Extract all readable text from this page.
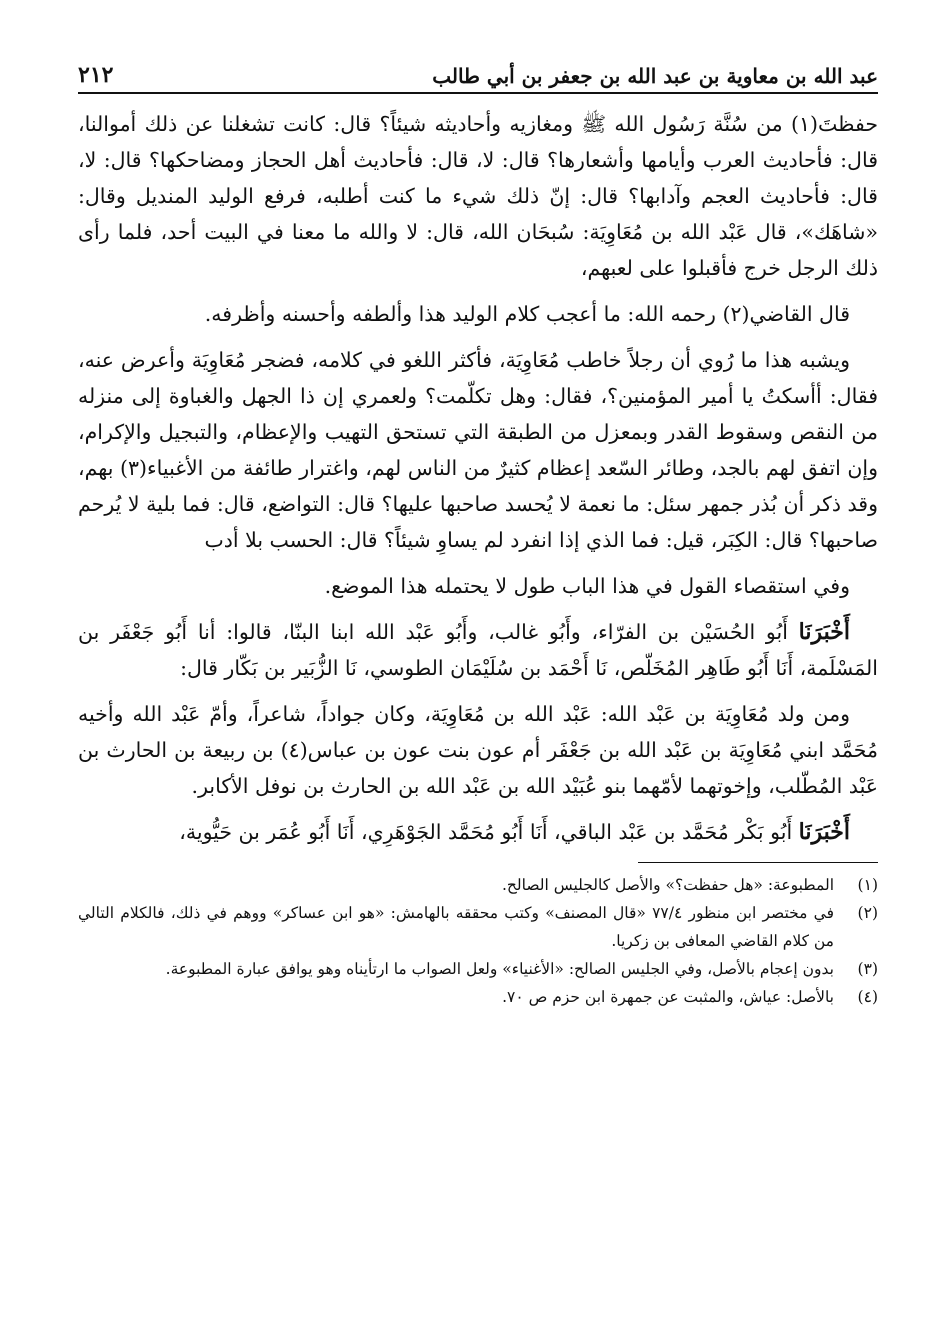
٢١٢	عبد الله بن معاوية بن عبد الله بن جعفر بن أبي طالب

حفظتَ(١) من سُنَّة رَسُول الله ﷺ ومغازيه وأحاديثه شيئاً؟ قال: كانت تشغلنا عن ذلك أموالنا، قال: فأحاديث العرب وأيامها وأشعارها؟ قال: لا، قال: فأحاديث أهل الحجاز ومضاحكها؟ قال: لا، قال: فأحاديث العجم وآدابها؟ قال: إنّ ذلك شيء ما كنت أطلبه، فرفع الوليد المنديل وقال: «شاهَك»، قال عَبْد الله بن مُعَاوِيَة: سُبحَان الله، قال: لا والله ما معنا في البيت أحد، فلما رأى ذلك الرجل خرج فأقبلوا على لعبهم،

قال القاضي(٢) رحمه الله: ما أعجب كلام الوليد هذا وألطفه وأحسنه وأظرفه.

ويشبه هذا ما رُوي أن رجلاً خاطب مُعَاوِيَة، فأكثر اللغو في كلامه، فضجر مُعَاوِيَة وأعرض عنه، فقال: أأسكتُ يا أمير المؤمنين؟، فقال: وهل تكلّمت؟ ولعمري إن ذا الجهل والغباوة إلى منزله من النقص وسقوط القدر وبمعزل من الطبقة التي تستحق التهيب والإعظام، والتبجيل والإكرام، وإن اتفق لهم بالجد، وطائر السّعد إعظام كثيرٌ من الناس لهم، واغترار طائفة من الأغبياء(٣) بهم، وقد ذكر أن بُذر جمهر سئل: ما نعمة لا يُحسد صاحبها عليها؟ قال: التواضع، قال: فما بلية لا يُرحم صاحبها؟ قال: الكِبَر، قيل: فما الذي إذا انفرد لم يساوِ شيئاً؟ قال: الحسب بلا أدب

وفي استقصاء القول في هذا الباب طول لا يحتمله هذا الموضع.

أَخْبَرَنَا أَبُو الحُسَيْن بن الفرّاء، وأَبُو غالب، وأَبُو عَبْد الله ابنا البنّا، قالوا: أنا أَبُو جَعْفَر بن المَسْلَمة، أَنَا أَبُو طَاهِر المُخَلّص، نَا أَحْمَد بن سُلَيْمَان الطوسي، نَا الزُّبَير بن بَكّار قال:

ومن ولد مُعَاوِيَة بن عَبْد الله: عَبْد الله بن مُعَاوِيَة، وكان جواداً، شاعراً، وأمّ عَبْد الله وأخيه مُحَمَّد ابني مُعَاوِيَة بن عَبْد الله بن جَعْفَر أم عون بنت عون بن عباس(٤) بن ربيعة بن الحارث بن عَبْد المُطّلب، وإخوتهما لأمّهما بنو عُبَيْد الله بن عَبْد الله بن الحارث بن نوفل الأكابر.

أَخْبَرَنَا أَبُو بَكْر مُحَمَّد بن عَبْد الباقي، أَنَا أَبُو مُحَمَّد الجَوْهَرِي، أَنَا أَبُو عُمَر بن حَيُّوية،

(١)
المطبوعة: «هل حفظت؟» والأصل كالجليس الصالح.
(٢)
في مختصر ابن منظور ٧٧/٤ «قال المصنف» وكتب محققه بالهامش: «هو ابن عساكر» ووهم في ذلك، فالكلام التالي من كلام القاضي المعافى بن زكريا.
(٣)
بدون إعجام بالأصل، وفي الجليس الصالح: «الأغنياء» ولعل الصواب ما ارتأيناه وهو يوافق عبارة المطبوعة.
(٤)
بالأصل: عياش، والمثبت عن جمهرة ابن حزم ص ٧٠.
